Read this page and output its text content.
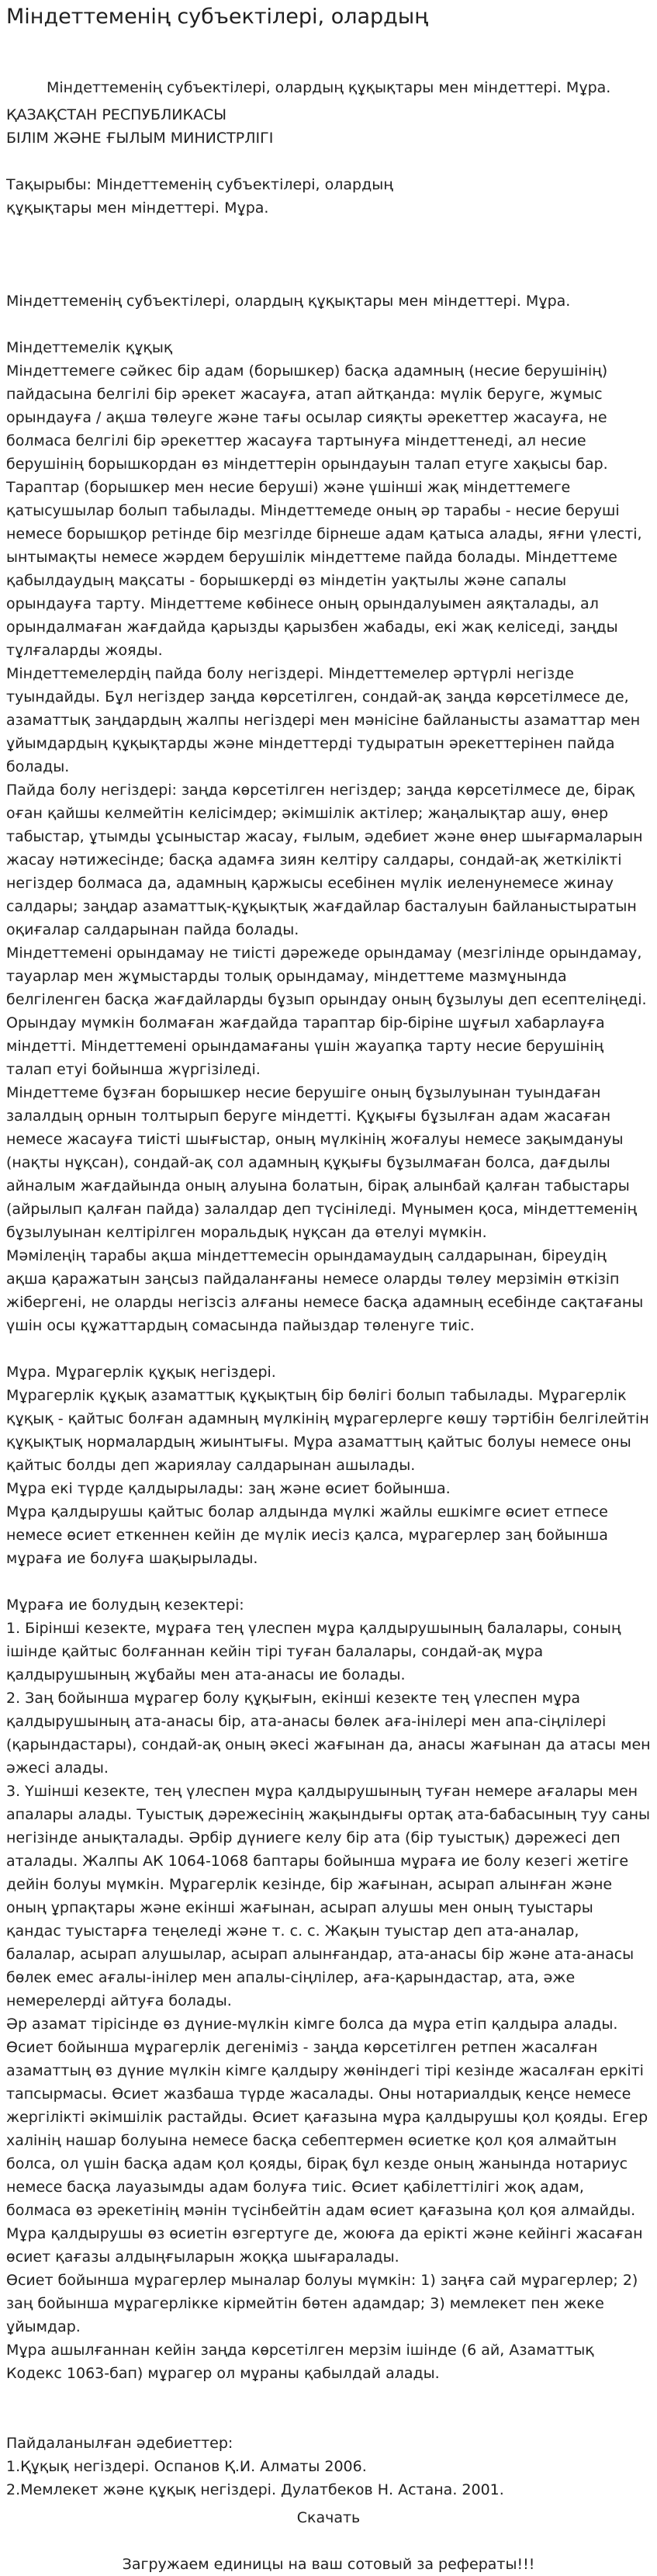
Міндеттеменің субъектілері, олардың
Міндеттеменің субъектілері, олардың құқықтары мен міндеттері. Мұра.
ҚАЗАҚСТАН РЕСПУБЛИКАСЫ
БІЛІМ ЖӘНЕ ҒЫЛЫМ МИНИСТРЛІГІ
Тақырыбы: Міндеттеменің субъектілері, олардың
құқықтары мен міндеттері. Мұра.
Міндеттеменің субъектілері, олардың құқықтары мен міндеттері. Мұра.

Міндеттемелік құқық

Міндеттемеге сәйкес бір адам (борышкер) басқа адамның (несие берушінің) пайдасына белгілі бір әрекет жасауға, атап айтқанда: мүлік беруге, жұмыс орындауға / ақша төлеуге және тағы осылар сияқты әрекеттер жасауға, не болмаса белгілі бір әрекеттер жасауға тартынуға міндеттенеді, ал несие берушінің борышкордан өз міндеттерін орындауын талап етуге хақысы бар. Тараптар (борышкер мен несие беруші) және үшінші жақ міндеттемеге қатысушылар болып табылады. Міндеттемеде оның әр тарабы - несие беруші немесе борышқор ретінде бір мезгілде бірнеше адам қатыса алады, яғни үлесті, ынтымақты немесе жәрдем берушілік міндеттеме пайда болады. Міндеттеме қабылдаудың мақсаты - борышкерді өз міндетін уақтылы және сапалы орындауға тарту. Міндеттеме көбінесе оның орындалуымен аяқталады, ал орындалмаған жағдайда қарызды қарызбен жабады, екі жақ келіседі, заңды тұлғаларды жояды.

Міндеттемелердің пайда болу негіздері. Міндеттемелер әртүрлі негізде туындайды. Бұл негіздер заңда көрсетілген, сондай-ақ заңда көрсетілмесе де, азаматтық заңдардың жалпы негіздері мен мәнісіне байланысты азаматтар мен ұйымдардың құқықтарды және міндеттерді тудыратын әрекеттерінен пайда болады.

Пайда болу негіздері: заңда көрсетілген негіздер; заңда көрсетілмесе де, бірақ оған қайшы келмейтін келісімдер; әкімшілік актілер; жаңалықтар ашу, өнер табыстар, ұтымды ұсыныстар жасау, ғылым, әдебиет және өнер шығармаларын жасау нәтижесінде; басқа адамға зиян келтіру салдары, сондай-ақ жеткілікті негіздер болмаса да, адамның қаржысы есебінен мүлік иеленунемесе жинау салдары; заңдар азаматтық-құқықтық жағдайлар басталуын байланыстыратын оқиғалар салдарынан пайда болады.

Міндеттемені орындамау не тиісті дәрежеде орындамау (мезгілінде орындамау, тауарлар мен жұмыстарды толық орындамау, міндеттеме мазмұнында белгіленген басқа жағдайларды бұзып орындау оның бұзылуы деп есептеліңеді. Орындау мүмкін болмаған жағдайда тараптар бір-біріне шұғыл хабарлауға міндетті. Міндеттемені орындамағаны үшін жауапқа тарту несие берушінің талап етуі бойынша жүргізіледі.

Міндеттеме бұзған борышкер несие берушіге оның бұзылуынан туындаған залалдың орнын толтырып беруге міндетті. Құқығы бұзылған адам жасаған немесе жасауға тиісті шығыстар, оның мүлкінің жоғалуы немесе зақымдануы (нақты нұқсан), сондай-ақ сол адамның құқығы бұзылмаған болса, дағдылы айналым жағдайында оның алуына болатын, бірақ алынбай қалған табыстары (айрылып қалған пайда) залалдар деп түсініледі. Мүнымен қоса, міндеттеменің бұзылуынан келтірілген моральдық нұқсан да өтелуі мүмкін.

Мәмілеңің тарабы ақша міндеттемесін орындамаудың салдарынан, біреудің ақша қаражатын заңсыз пайдаланғаны немесе оларды төлеу мерзімін өткізіп жібергені, не оларды негізсіз алғаны немесе басқа адамның есебінде сақтағаны үшін осы құжаттардың сомасында пайыздар төленуге тиіс.

Мұра. Мұрагерлік құқық негіздері.

Мұрагерлік құқық азаматтық құқықтың бір бөлігі болып табылады. Мұрагерлік құқық - қайтыс болған адамның мүлкінің мұрагерлерге көшу тәртібін белгілейтін құқықтық нормалардың жиынтығы. Мұра азаматтың қайтыс болуы немесе оны қайтыс болды деп жариялау салдарынан ашылады.

Мұра екі түрде қалдырылады: заң және өсиет бойынша.

Мұра қалдырушы қайтыс болар алдында мүлкі жайлы ешкімге өсиет етпесе немесе өсиет еткеннен кейін де мүлік иесіз қалса, мұрагерлер заң бойынша мұраға ие болуға шақырылады.

Мұраға ие болудың кезектері:

1. Бірінші кезекте, мұраға тең үлеспен мұра қалдырушының балалары, соның ішінде қайтыс болғаннан кейін тірі туған балалары, сондай-ақ мұра қалдырушының жұбайы мен ата-анасы ие болады.

2. Заң бойынша мұрагер болу құқығын, екінші кезекте тең үлеспен мұра қалдырушының ата-анасы бір, ата-анасы бөлек аға-інілері мен апа-сіңлілері (қарындастары), сондай-ақ оның әкесі жағынан да, анасы жағынан да атасы мен әжесі алады.

3. Үшінші кезекте, тең үлеспен мұра қалдырушының туған немере ағалары мен апалары алады. Туыстық дәрежесінің жақындығы ортақ ата-бабасының туу саны негізінде анықталады. Әрбір дүниеге келу бір ата (бір туыстық) дәрежесі деп аталады. Жалпы АК 1064-1068 баптары бойынша мұраға ие болу кезегі жетіге дейін болуы мүмкін. Мұрагерлік кезінде, бір жағынан, асырап алынған және оның ұрпақтары және екінші жағынан, асырап алушы мен оның туыстары қандас туыстарға теңеледі және т. с. с. Жақын туыстар деп ата-аналар, балалар, асырап алушылар, асырап алынғандар, ата-анасы бір және ата-анасы бөлек емес ағалы-інілер мен апалы-сіңлілер, аға-қарындастар, ата, әже немерелерді айтуға болады.

Әр азамат тірісінде өз дүние-мүлкін кімге болса да мұра етіп қалдыра алады. Өсиет бойынша мұрагерлік дегеніміз - заңда көрсетілген ретпен жасалған азаматтың өз дүние мүлкін кімге қалдыру жөніндегі тірі кезінде жасалған еркіті тапсырмасы. Өсиет жазбаша түрде жасалады. Оны нотариалдық кеңсе немесе жергілікті әкімшілік растайды. Өсиет қағазына мұра қалдырушы қол қояды. Егер халінің нашар болуына немесе басқа себептермен өсиетке қол қоя алмайтын болса, ол үшін басқа адам қол қояды, бірақ бұл кезде оның жанында нотариус немесе басқа лауазымды адам болуға тиіс. Өсиет қабілеттілігі жоқ адам, болмаса өз әрекетінің мәнін түсінбейтін адам өсиет қағазына қол қоя алмайды. Мұра қалдырушы өз өсиетін өзгертуге де, жоюға да ерікті және кейінгі жасаған өсиет қағазы алдыңғыларын жоққа шығаралады.

Өсиет бойынша мұрагерлер мыналар болуы мүмкін: 1) заңға сай мұрагерлер; 2) заң бойынша мұрагерлікке кірмейтін бөтен адамдар; 3) мемлекет пен жеке ұйымдар.

Мұра ашылғаннан кейін заңда көрсетілген мерзім ішінде (6 ай, Азаматтық Кодекс 1063-бап) мұрагер ол мұраны қабылдай алады.

Пайдаланылған әдебиеттер:

1.Құқық негіздері. Оспанов Қ.И. Алматы 2006.

2.Мемлекет және құқық негіздері. Дулатбеков Н. Астана. 2001.

Скачать
Загружаем единицы на ваш сотовый за рефераты!!!
